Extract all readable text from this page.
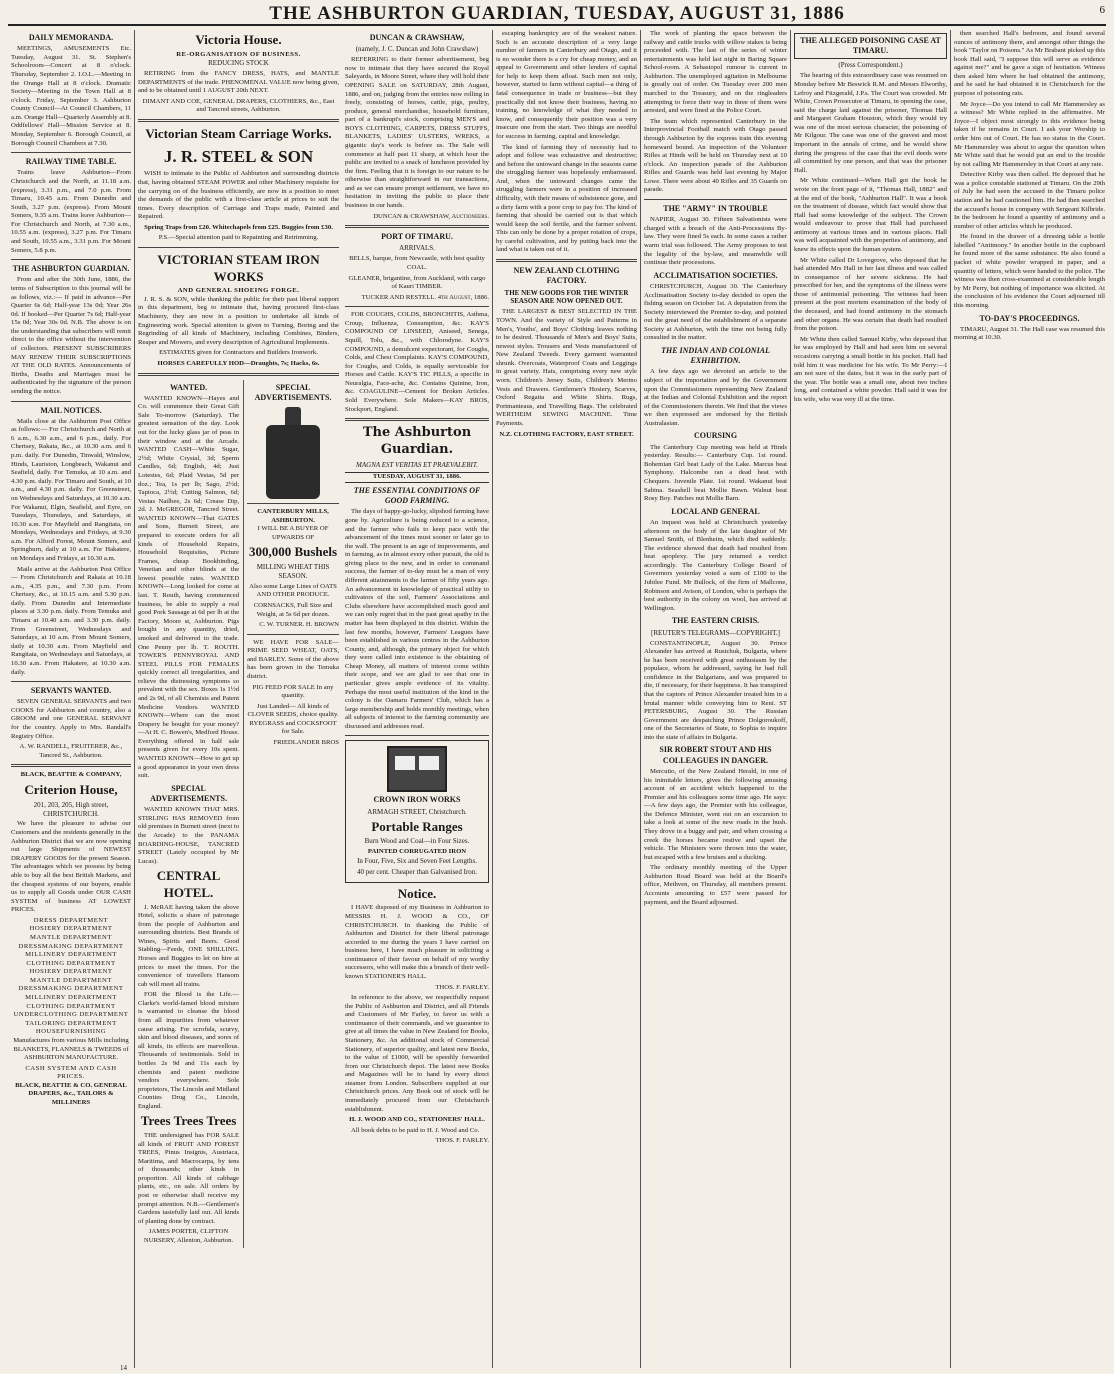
THE ASHBURTON GUARDIAN, TUESDAY, AUGUST 31, 1886	6
DAILY MEMORANDA.

MEETINGS, AMUSEMENTS Etc. Tuesday, August 31. St. Stephen's Schoolroom—Concert at 8 o'clock. Thursday, September 2. I.O.L.—Meeting in the Orange Hall at 8 o'clock. Dramatic Society—Meeting in the Town Hall at 8 o'clock. Friday, September 3. Ashburton County Council—At Council Chambers, 11 a.m. Orange Hall—Quarterly Assembly at 8. Oddfellows' Hall—Mission Service at 8. Monday, September 6. Borough Council, at Borough Council Chambers at 7.30.

RAILWAY TIME TABLE.

Trains leave Ashburton—From Christchurch and the North, at 11.18 a.m. (express), 3.31 p.m., and 7.0 p.m. From Timaru, 10.45 a.m. From Dunedin and South, 3.27 p.m. (express). From Mount Somers, 9.35 a.m. Trains leave Ashburton—For Christchurch and North, at 7.30 a.m., 10.55 a.m. (express), 3.27 p.m. For Timaru and South, 10.55 a.m., 3.31 p.m. For Mount Somers, 5.8 p.m.

THE ASHBURTON GUARDIAN.

From and after the 30th June, 1886, the terms of Subscription to this journal will be as follows, viz.:— If paid in advance—Per Quarter 6s 6d; Half-year 13s 0d; Year 26s 0d. If booked—Per Quarter 7s 6d; Half-year 15s 0d; Year 30s 0d. N.B. The above is on the understanding that subscribers will remit direct to the office without the intervention of collectors. PRESENT SUBSCRIBERS MAY RENEW THEIR SUBSCRIPTIONS AT THE OLD RATES. Announcements of Births, Deaths and Marriages must be authenticated by the signature of the person sending the notice.

MAIL NOTICES.

Mails close at the Ashburton Post Office as follows:— For Christchurch and North at 6 a.m., 6.30 a.m., and 6 p.m., daily. For Chertsey, Rakaia, &c., at 10.30 a.m. and 6 p.m. daily. For Dunedin, Tinwald, Winslow, Hinds, Lauriston, Longbeach, Wakanui and Seafield, daily. For Temuka, at 10 a.m. and 4.30 p.m. daily. For Timaru and South, at 10 a.m., and 4.30 p.m. daily. For Greenstreet, on Wednesdays and Saturdays, at 10.30 a.m. For Wakanui, Elgin, Seafield, and Eyre, on Tuesdays, Thursdays, and Saturdays, at 10.30 a.m. For Mayfield and Rangitata, on Mondays, Wednesdays and Fridays, at 9.30 a.m. For Alford Forest, Mount Somers, and Springburn, daily at 10 a.m. For Hakatere, on Mondays and Fridays, at 10.30 a.m.

Mails arrive at the Ashburton Post Office— From Christchurch and Rakaia at 10.18 a.m., 4.35 p.m., and 7.30 p.m. From Chertsey, &c., at 10.15 a.m. and 5.30 p.m. daily. From Dunedin and Intermediate places at 3.30 p.m. daily. From Temuka and Timaru at 10.40 a.m. and 3.30 p.m. daily. From Greenstreet, Wednesdays and Saturdays, at 10 a.m. From Mount Somers, daily at 10.30 a.m. From Mayfield and Rangitata, on Wednesdays and Saturdays, at 10.30 a.m. From Hakatere, at 10.30 a.m. daily.

SERVANTS WANTED.

SEVEN GENERAL SERVANTS and two COOKS for Ashburton and country, also a GROOM and one GENERAL SERVANT for the country. Apply to Mrs. Randall's Registry Office.

A. W. RANDELL, FRUITERER, &c., Tancred St., Ashburton.

BLACK, BEATTIE & COMPANY,
Criterion House,
201, 203, 205, High street, CHRISTCHURCH.

We have the pleasure to advise our Customers and the residents generally in the Ashburton District that we are now opening out large Shipments of NEWEST DRAPERY GOODS for the present Season. The advantages which we possess by being able to buy all the best British Markets, and the cheapest systems of our buyers, enable us to supply all Goods under OUR CASH SYSTEM of business AT LOWEST PRICES.

DRESS DEPARTMENT
HOSIERY DEPARTMENT
MANTLE DEPARTMENT
DRESSMAKING DEPARTMENT
MILLINERY DEPARTMENT
CLOTHING DEPARTMENT
HOSIERY DEPARTMENT
MANTLE DEPARTMENT
DRESSMAKING DEPARTMENT
MILLINERY DEPARTMENT
CLOTHING DEPARTMENT
UNDERCLOTHING DEPARTMENT
TAILORING DEPARTMENT
HOUSEFURNISHING

Manufactures from various Mills including BLANKETS, FLANNELS & TWEEDS of ASHBURTON MANUFACTURE.

CASH SYSTEM AND CASH PRICES.
BLACK, BEATTIE & CO. GENERAL DRAPERS, &c., TAILORS & MILLINERS
Victoria House.
RE-ORGANISATION OF BUSINESS.
REDUCING STOCK

RETIRING from the FANCY DRESS, HATS, and MANTLE DEPARTMENTS of the trade. PHENOMENAL VALUE now being given, and to be obtained until 1 AUGUST 20th NEXT.

DIMANT AND COE, GENERAL DRAPERS, CLOTHIERS, &c., East and Tancred streets, Ashburton.

Victorian Steam Carriage Works.
J. R. STEEL & SON

WISH to intimate to the Public of Ashburton and surrounding districts that, having obtained STEAM POWER and other Machinery requisite for the carrying on of the business efficiently, are now in a position to meet the demands of the public with a first-class article at prices to suit the times. Every description of Carriage and Traps made, Painted and Repaired.

Spring Traps from £20. Whitechapels from £25. Buggies from £30.

P.S.—Special attention paid to Repainting and Retrimming.

VICTORIAN STEAM IRON WORKS
AND GENERAL SHOEING FORGE.

J. R. S. & SON, while thanking the public for their past liberal support in this department, beg to intimate that, having procured first-class Machinery, they are now in a position to undertake all kinds of Engineering work. Special attention is given to Turning, Boring and the Regrinding of all kinds of Machinery, including Combines, Binders, Reaper and Mowers, and every description of Agricultural Implements.

ESTIMATES given for Contractors and Builders Ironwork.

HORSES CAREFULLY HOD—Draughts, 7s; Hacks, 6s.

WANTED.

WANTED KNOWN—Hayes and Co. will commence their Great Gift Sale To-morrow (Saturday). The greatest sensation of the day. Look out for the lucky glass jar of peas in their window and at the Arcade. WANTED CASH—White Sugar, 2½d; White Crystal, 3d; Sperm Candles, 6d; English, 4d; Just Lotestes, 6d; Plaid Vestas, 5d per doz.; Tea, 1s per lb; Sago, 2½d; Tapioca, 2½d; Cutting Salmon, 6d; Vestas Nailbee, 2s 6d; Crease Dip, 2d. J. McGREGOR, Tancred Street. WANTED KNOWN—That GATES and Sons, Burnett Street, are prepared to execute orders for all kinds of Household Repairs, Household Requisites, Picture Frames, cheap Bookbinding, Venetian and other blinds at the lowest possible rates. WANTED KNOWN—Long looked for come at last. T. Routh, having commenced business, be able to supply a real good Pork Sausage at 6d per lb at the Factory, Moore st, Ashburton. Pigs bought in any quantity, dried, smoked and delivered to the trade. One Penny per lb. T. ROUTH. TOWER'S PENNYROYAL AND STEEL PILLS FOR FEMALES quickly correct all irregularities, and relieve the distressing symptoms so prevalent with the sex. Boxes 1s 1½d and 2s 9d, of all Chemists and Patent Medicine Vendors. WANTED KNOWN—Where can the most Drapery be bought for your money?—At H. C. Bowen's, Medford House. Everything offered in half sale presents given for every 10s spent. WANTED KNOWN—How to get up a good appearance in your own dress suit.

SPECIAL ADVERTISEMENTS.

WANTED KNOWN THAT MRS. STIRLING HAS REMOVED from old premises in Burnett street (next to the Arcade) to the PANAMA BOARDING-HOUSE, TANCRED STREET (Lately occupied by Mr Lucas).

CENTRAL HOTEL.

J. McRAE having taken the above Hotel, solicits a share of patronage from the people of Ashburton and surrounding districts. Best Brands of Wines, Spirits and Beers. Good Stabling—Feeds, ONE SHILLING. Horses and Buggies to let on hire at prices to meet the times. For the convenience of travellers Hansom cab will meet all trains.

FOR the Blood is the Life.—Clarke's world-famed blood mixture is warranted to cleanse the blood from all impurities from whatever cause arising. For scrofula, scurvy, skin and blood diseases, and sores of all kinds, its effects are marvellous. Thousands of testimonials. Sold in bottles 2s 9d and 11s each by chemists and patent medicine vendors everywhere. Sole proprietors, The Lincoln and Midland Counties Drug Co., Lincoln, England.

Trees Trees Trees

THE undersigned has FOR SALE all kinds of FRUIT AND FOREST TREES, Pinus Insignis, Austriaca, Maritima, and Macrocarpa, by tens of thousands; other kinds in proportion. All kinds of cabbage plants, etc., on sale. All orders by post or otherwise shall receive my prompt attention. N.B.—Gentlemen's Gardens tastefully laid out. All kinds of planting done by contract.

JAMES PORTER, CLIFTON NURSERY, Allenton, Ashburton.

SPECIAL ADVERTISEMENTS.
CANTERBURY MILLS, ASHBURTON.

I WILL BE A BUYER OF UPWARDS OF

300,000 Bushels
MILLING WHEAT THIS SEASON.

Also some Large Lines of OATS AND OTHER PRODUCE.

CORNSACKS, Full Size and Weight, at 5s 6d per dozen.

C. W. TURNER. H. BROWN

WE HAVE FOR SALE— PRIME SEED WHEAT, OATS, and BARLEY. Some of the above has been grown in the Temuka district.

PIG FEED FOR SALE In any quantity.

Just Landed— All kinds of CLOVER SEEDS, choice quality. RYEGRASS and COCKSFOOT for Sale.

FRIEDLANDER BROS

14
DUNCAN & CRAWSHAW,
(namely, J. C. Duncan and John Crawshaw)

REFERRING to their former advertisement, beg now to intimate that they have secured the Royal Saleyards, in Moore Street, where they will hold their OPENING SALE on SATURDAY, 28th August, 1886, and on, judging from the entries now rolling in freely, consisting of horses, cattle, pigs, poultry, produce, general merchandise, household furniture, part of a bankrupt's stock, comprising MEN'S and BOYS CLOTHING, CARPETS, DRESS STUFFS, BLANKETS, LADIES' ULSTERS, WREKS, a gigantic day's work is before us. The Sale will commence at half past 11 sharp, at which hour the public are invited to a snack of luncheon provided by the firm. Feeling that it is foreign to our nature to be otherwise than straightforward in our transactions, and as we can ensure prompt settlement, we have no hesitation in inviting the public to place their business in our hands.

DUNCAN & CRAWSHAW, Auctioneers.

PORT OF TIMARU.
ARRIVALS.

BELLS, barque, from Newcastle, with best quality COAL.

GLEANER, brigantine, from Auckland, with cargo of Kauri TIMBER.

TUCKER AND RESTELL. 4th August, 1886.

FOR COUGHS, COLDS, BRONCHITIS, Asthma, Croup, Influenza, Consumption, &c. KAY'S COMPOUND OF LINSEED, Aniseed, Senega, Squill, Tolu, &c., with Chlorodyne. KAY'S COMPOUND, a demulcent expectorant, for Coughs, Colds, and Chest Complaints. KAY'S COMPOUND, for Coughs, and Colds, is equally serviceable for Horses and Cattle. KAY'S TIC PILLS, a specific in Neuralgia, Face-ache, &c. Contains Quinine, Iron, &c. COAGULINE—Cement for Broken Articles. Sold Everywhere. Sole Makers—KAY BROS, Stockport, England.

The Ashburton Guardian.
MAGNA EST VERITAS ET PRAEVALEBIT.
TUESDAY, AUGUST 31, 1886.
THE ESSENTIAL CONDITIONS OF GOOD FARMING.

The days of happy-go-lucky, slipshod farming have gone by. Agriculture is being reduced to a science, and the farmer who fails to keep pace with the advancement of the times must sooner or later go to the wall. The present is an age of improvements, and in farming, as in almost every other pursuit, the old is giving place to the new, and in order to command success, the farmer of to-day must be a man of very different attainments to the farmer of fifty years ago. An advancement in knowledge of practical utility to cultivators of the soil, Farmers' Associations and Clubs elsewhere have accomplished much good and we can only regret that in the past great apathy in the matter has been displayed in this district. Within the last few months, however, Farmers' Leagues have been established in various centres in the Ashburton County, and, although, the primary object for which they were called into existence is the obtaining of Cheap Money, all matters of interest come within their scope, and we are glad to see that one in particular gives ample evidence of its vitality. Perhaps the most useful institution of the kind in the colony is the Oamaru Farmers' Club, which has a large membership and holds monthly meetings, when all subjects of interest to the farming community are discussed and addresses read.

CROWN IRON WORKS
ARMAGH STREET, Christchurch.
Portable Ranges
Burn Wood and Coal—in Four Sizes.
PAINTED CORRUGATED IRON
In Four, Five, Six and Seven Feet Lengths.
40 per cent. Cheaper than Galvanised Iron.
Notice.

I HAVE disposed of my Business in Ashburton to MESSRS H. J. WOOD & CO., OF CHRISTCHURCH. In thanking the Public of Ashburton and District for their liberal patronage accorded to me during the years I have carried on business here, I have much pleasure in soliciting a continuance of their favour on behalf of my worthy successors, who will make this a branch of their well-known STATIONER'S HALL.

THOS. F. FARLEY.

In reference to the above, we respectfully request the Public of Ashburton and District, and all Friends and Customers of Mr Farley, to favor us with a continuance of their commands, and we guarantee to give at all times the value in New Zealand for Books, Stationery, &c. An additional stock of Commercial Stationery, of superior quality, and latest new Books, to the value of £1000, will be speedily forwarded from our Christchurch depot. The latest new Books and Magazines will be to hand by every direct steamer from London. Subscribers supplied at our Christchurch prices. Any Book out of stock will be immediately procured from our Christchurch establishment.

H. J. WOOD AND CO., STATIONERS' HALL.

All book debts to be paid to H. J. Wood and Co.

THOS. F. FARLEY.

escaping bankruptcy are of the weakest nature. Such is an accurate description of a very large number of farmers in Canterbury and Otago, and it is no wonder there is a cry for cheap money, and an appeal to Government and other lenders of capital for help to keep them afloat. Such men not only, however, started to farm without capital—a thing of fatal consequence in trade or business—but they practically did not know their business, having no training, no knowledge of what they needed to know, and consequently their position was a very insecure one from the start. Two things are needful for success in farming, capital and knowledge.

The kind of farming they of necessity had to adopt and follow was exhaustive and destructive; and before the untoward change in the seasons came the struggling farmer was hopelessly embarrassed. And, when the untoward changes came the struggling farmers were in a position of increased difficulty, with their means of subsistence gone, and a dirty farm with a poor crop to pay for. The kind of farming that should be carried out is that which would keep the soil fertile, and the farmer solvent. This can only be done by a proper rotation of crops, by careful cultivation, and by putting back into the land what is taken out of it.

NEW ZEALAND CLOTHING FACTORY.
THE NEW GOODS FOR THE WINTER SEASON ARE NOW OPENED OUT.

THE LARGEST & BEST SELECTED IN THE TOWN. And the variety of Style and Patterns in Men's, Youths', and Boys' Clothing leaves nothing to be desired. Thousands of Men's and Boys' Suits, newest styles. Trousers and Vests manufactured of New Zealand Tweeds. Every garment warranted shrunk. Overcoats, Waterproof Coats and Leggings in great variety. Hats, comprising every new style worn. Children's Jersey Suits, Children's Merino Vests and Drawers. Gentlemen's Hosiery, Scarves, Oxford Regatta and White Shirts. Rugs, Portmanteaus, and Travelling Bags. The celebrated WERTHEIM SEWING MACHINE. Time Payments.

N.Z. CLOTHING FACTORY, EAST STREET.

The work of planting the space between the railway and cattle trucks with willow stakes is being proceeded with. The last of the series of winter entertainments was held last night in Baring Square School-room. A Sebastopol rumour is current in Ashburton. The unemployed agitation in Melbourne is greatly out of order. On Tuesday over 200 men marched to the Treasury, and on the ringleaders attempting to force their way in three of them were arrested, and were fined at the Police Court.

The team which represented Canterbury in the Interprovincial Football match with Otago passed through Ashburton by the express train this evening homeward bound. An inspection of the Volunteer Rifles at Hinds will be held on Thursday next at 10 o'clock. An inspection parade of the Ashburton Rifles and Guards was held last evening by Major Lowe. There were about 40 Rifles and 35 Guards on parade.

THE "ARMY" IN TROUBLE

NAPIER, August 30. Fifteen Salvationists were charged with a breach of the Anti-Processions By-law. They were fined 5s each. In some cases a rather warm trial was followed. The Army proposes to test the legality of the by-law, and meanwhile will continue their processions.

ACCLIMATISATION SOCIETIES.

CHRISTCHURCH, August 30. The Canterbury Acclimatisation Society to-day decided to open the fishing season on October 1st. A deputation from the Society interviewed the Premier to-day, and pointed out the great need of the establishment of a separate Society at Ashburton, with the time not being fully consulted in the matter.

THE INDIAN AND COLONIAL EXHIBITION.

A few days ago we devoted an article to the subject of the importation and by the Government upon the Commissioners representing New Zealand at the Indian and Colonial Exhibition and the report of the Commissioners therein. We find that the views we then expressed are endorsed by the British Australasian.

COURSING

The Canterbury Cup meeting was held at Hinds yesterday. Results:— Canterbury Cup. 1st round. Bohemian Girl beat Lady of the Lake. Marcus beat Symphony. Halcombe ran a dead heat with Chequers. Juvenile Plate. 1st round. Wakanui beat Sabina. Seashell beat Mollie Bawn. Walnut beat Rosy Boy. Patches nut Mollie Barn.

LOCAL AND GENERAL

An inquest was held at Christchurch yesterday afternoon on the body of the late daughter of Mr Samuel Smith, of Blenheim, which died suddenly. The evidence showed that death had resulted from heat apoplexy. The jury returned a verdict accordingly. The Canterbury College Board of Governors yesterday voted a sum of £100 to the Jubilee Fund. Mr Bullock, of the firm of Mallcone, Robinson and Avison, of London, who is perhaps the best authority in the colony on wool, has arrived at Wellington.

THE EASTERN CRISIS.
[REUTER'S TELEGRAMS—COPYRIGHT.]

CONSTANTINOPLE, August 30. Prince Alexander has arrived at Rustchuk, Bulgaria, where he has been received with great enthusiasm by the populace, whom he addressed, saying he had full confidence in the Bulgarians, and was prepared to die, if necessary, for their happiness. It has transpired that the captors of Prince Alexander treated him in a brutal manner while conveying him to Reni. ST PETERSBURG, August 30. The Russian Government are despatching Prince Dolgoroukoff, one of the Secretaries of State, to Sophia to inquire into the state of affairs in Bulgaria.

SIR ROBERT STOUT AND HIS COLLEAGUES IN DANGER.

Mercutio, of the New Zealand Herald, in one of his inimitable letters, gives the following amusing account of an accident which happened to the Premier and his colleagues some time ago. He says:—A few days ago, the Premier with his colleague, the Defence Minister, went out on an excursion to take a look at some of the new roads in the bush. They drove in a buggy and pair, and when crossing a creek the horses became restive and upset the vehicle. The Ministers were thrown into the water, but escaped with a few bruises and a ducking.

The ordinary monthly meeting of the Upper Ashburton Road Board was held at the Board's office, Methven, on Thursday, all members present. Accounts amounting to £57 were passed for payment, and the Board adjourned.

THE ALLEGED POISONING CASE AT TIMARU.
(Press Correspondent.)

The hearing of this extraordinary case was resumed on Monday before Mr Beswick R.M. and Messrs Elworthy, Lefroy and Fitzgerald, J.P.s. The Court was crowded. Mr White, Crown Prosecutor at Timaru, in opening the case, said the charge laid against the prisoner, Thomas Hall and Margaret Graham Houston, which they would try was one of the most serious character, the poisoning of Mr Kilgour. The case was one of the gravest and most important in the annals of crime, and he would show during the progress of the case that the evil deeds were all committed by one person, and that was the prisoner Hall.

Mr White continued—When Hall got the book he wrote on the front page of it, "Thomas Hall, 1882" and at the end of the book, "Ashburton Hall". It was a book on the treatment of disease, which fact would show that Hall had some knowledge of the subject. The Crown would endeavour to prove that Hall had purchased antimony at various times and in various places. Hall was well acquainted with the properties of antimony, and knew its effects upon the human system.

Mr White called Dr Lovegrove, who deposed that he had attended Mrs Hall in her last illness and was called in consequence of her severe sickness. He had prescribed for her, and the symptoms of the illness were those of antimonial poisoning. The witness had been present at the post mortem examination of the body of the deceased, and had found antimony in the stomach and other organs. He was certain that death had resulted from the poison.

Mr White then called Samuel Kirby, who deposed that he was employed by Hall and had seen him on several occasions carrying a small bottle in his pocket. Hall had told him it was medicine for his wife. To Mr Perry:—I am not sure of the dates, but it was in the early part of the year. The bottle was a small one, about two inches long, and contained a white powder. Hall said it was for his wife, who was very ill at the time.

then searched Hall's bedroom, and found several ounces of antimony there, and amongst other things the book "Taylor on Poisons." As Mr Brabant picked up this book Hall said, "I suppose this will serve as evidence against me?" and he gave a sign of hesitation. Witness then asked him where he had obtained the antimony, and he said he had obtained it in Christchurch for the purpose of poisoning rats.

Mr Joyce—Do you intend to call Mr Hammersley as a witness? Mr White replied in the affirmative. Mr Joyce—I object most strongly to this evidence being taken if he remains in Court. I ask your Worship to order him out of Court. He has no status in the Court. Mr Hammersley was about to argue the question when Mr White said that he would put an end to the trouble by not calling Mr Hammersley in that Court at any rate.

Detective Kirby was then called. He deposed that he was a police constable stationed at Timaru. On the 29th of July he had seen the accused in the Timaru police station and he had cautioned him. He had then searched the accused's house in company with Sergeant Kilbride. In the bedroom he found a quantity of antimony and a number of other articles which he produced.

He found in the drawer of a dressing table a bottle labelled "Antimony." In another bottle in the cupboard he found more of the same substance. He also found a packet of white powder wrapped in paper, and a quantity of letters, which were handed to the police. The witness was then cross-examined at considerable length by Mr Perry, but nothing of importance was elicited. At the conclusion of his evidence the Court adjourned till this morning.

TO-DAY'S PROCEEDINGS.

TIMARU, August 31. The Hall case was resumed this morning at 10.30.
